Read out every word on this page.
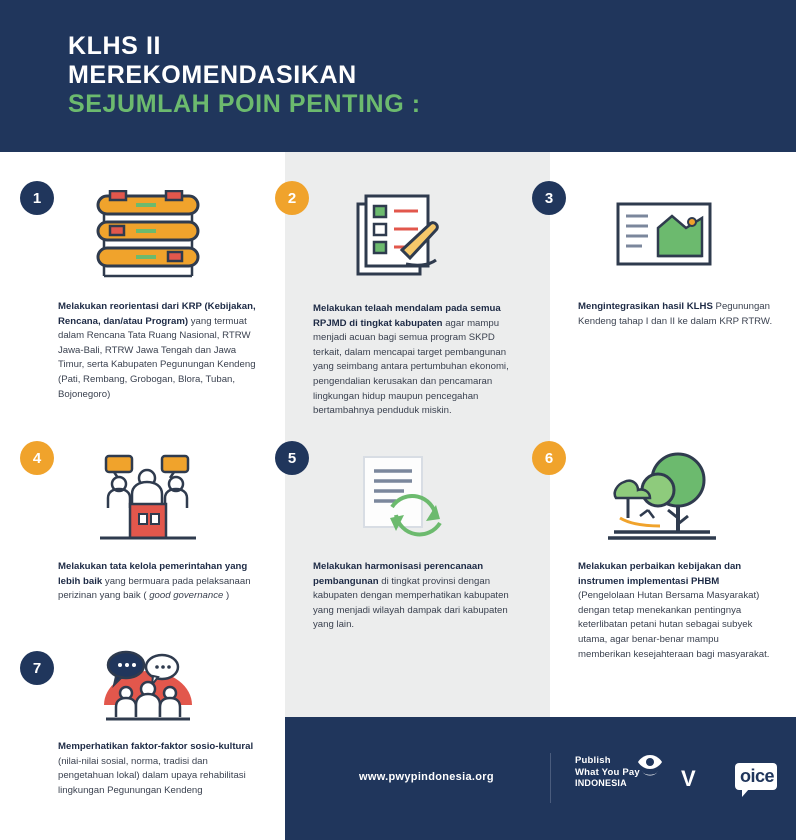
KLHS II
MEREKOMENDASIKAN
SEJUMLAH POIN PENTING :
1
Melakukan reorientasi dari KRP (Kebijakan, Rencana, dan/atau Program) yang termuat dalam Rencana Tata Ruang Nasional, RTRW Jawa-Bali, RTRW Jawa Tengah dan Jawa Timur, serta Kabupaten Pegunungan Kendeng (Pati, Rembang, Grobogan, Blora, Tuban, Bojonegoro)
2
Melakukan telaah mendalam pada semua RPJMD di tingkat kabupaten agar mampu menjadi acuan bagi semua program SKPD terkait, dalam mencapai target pembangunan yang seimbang antara pertumbuhan ekonomi, pengendalian kerusakan dan pencamaran lingkungan hidup maupun pencegahan bertambahnya penduduk miskin.
3
Mengintegrasikan hasil KLHS Pegunungan Kendeng tahap I dan II ke dalam KRP RTRW.
4
Melakukan tata kelola pemerintahan yang lebih baik yang bermuara pada pelaksanaan perizinan yang baik ( good governance )
5
Melakukan harmonisasi perencanaan pembangunan di tingkat provinsi dengan kabupaten dengan memperhatikan kabupaten yang menjadi wilayah dampak dari kabupaten yang lain.
6
Melakukan perbaikan kebijakan dan instrumen implementasi PHBM (Pengelolaan Hutan Bersama Masyarakat) dengan tetap menekankan pentingnya keterlibatan petani hutan sebagai subyek utama, agar benar-benar mampu memberikan kesejahteraan bagi masyarakat.
7
Memperhatikan faktor-faktor sosio-kultural (nilai-nilai sosial, norma, tradisi dan pengetahuan lokal) dalam upaya rehabilitasi lingkungan Pegunungan Kendeng
www.pwypindonesia.org
Publish
What You Pay
INDONESIA	V oice
